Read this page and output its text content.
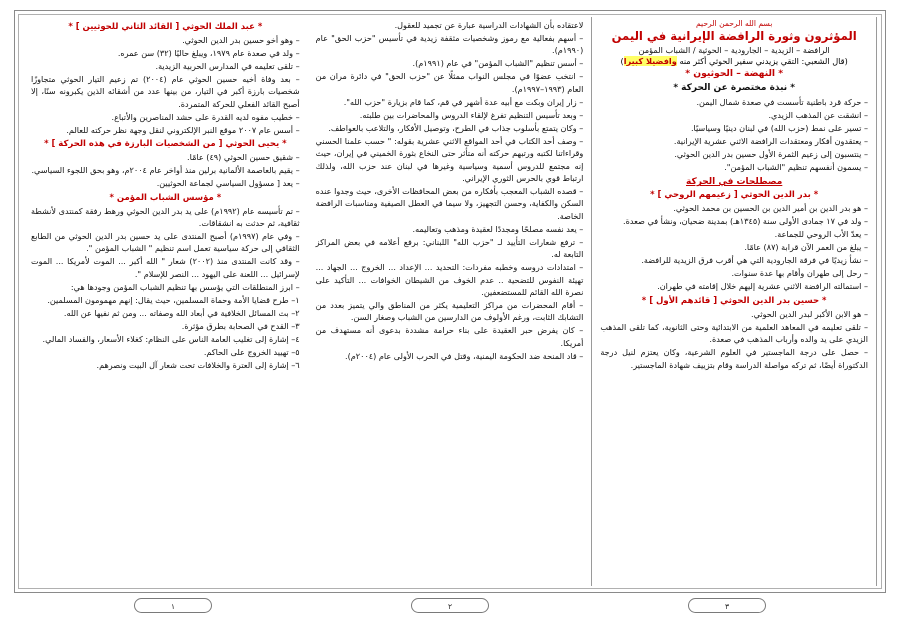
بسم الله الرحمن الرحيم
المؤثرون وثورة الرافضة الإيرانية في اليمن
الرافضة – الزيدية – الجارودية – الحوثية / الشباب المؤمن
(قال الشعبي: التقي يزيدني سفير الحوثي أكثر منه وافضيلا كبيرا)
* النهضة – الحوثيون *
* نبذة مختصرة عن الحركة *
– حركة قرد باطنية تأسست في صعدة شمال اليمن.
– انشقت عن المذهب الزيدي.
– تسير على نمط (حزب الله) في لبنان دينيًا وسياسيًا.
– يعتقدون أفكار ومعتقدات الرافضة الاثني عشرية الإيرانية.
– ينتسبون إلى زعيم الثمرة الأول حسين بدر الدين الحوثي.
– يسمون أنفسهم تنظيم "الشباب المؤمن".
مصطلحات في الحركة
* بدر الدين الحوثي [ زعيمهم الروحي ] *
– هو بدر الدين بن أمير الدين بن الحسين بن محمد الحوثي.
– ولد في ١٧ جمادى الأولى سنة (١٣٤٥هـ) بمدينة ضحيان، ونشأ في صعدة.
– يعدّ الأب الروحي للجماعة.
– يبلغ من العمر الآن قرابة (٨٧) عامًا.
– نشأ زيديًا في فرقة الجارودية التي هي أقرب فرق الزيدية للرافضة.
– رحل إلى طهران وأقام بها عدة سنوات.
– استمالته الرافضة الاثني عشرية إليهم خلال إقامته في طهران.
* حسين بدر الدين الحوثي [ قائدهم الأول ] *
– هو الابن الأكبر لبدر الدين الحوثي.
– تلقى تعليمه في المعاهد العلمية من الابتدائية وحتى الثانوية، كما تلقى المذهب الزيدي على يد والده وأرباب المذهب في صعدة.
– حصل على درجة الماجستير في العلوم الشرعية، وكان يعتزم لنيل درجة الدكتوراة أيضًا، ثم تركه مواصلة الدراسة وقام بتزييف شهادة الماجستير.
لاعتقاده بأن الشهادات الدراسية عبارة عن تجميد للعقول.
– أسهم بفعالية مع رموز وشخصيات مثقفة زيدية في تأسيس "حزب الحق" عام (١٩٩٠م).
– أسس تنظيم "الشباب المؤمن" في عام (١٩٩١م).
– انتخب عضوًا في مجلس النواب ممثلًا عن "حزب الحق" في دائرة مران من العام (١٩٩٣–١٩٩٧م).
– زار إيران وبكت مع أبيه عدة أشهر في قم، كما قام بزيارة "حزب الله".
– وبعد تأسيس التنظيم تفرغ لإلقاء الدروس والمحاضرات بين طلبته.
– وكان يتمتع بأسلوب جذاب في الطرح، وتوصيل الأفكار، والتلاعب بالعواطف.
– وصف أحد الكتاب في أحد المواقع الاثني عشرية بقوله: " حسب علمنا الحسني وقراءاتنا لكتبه ورتبهم حركته أنه متأثر حتى النخاع بثورة الخميني في إيران، حيث إنه مجتمع للدروس أسمية وسياسية وغيرها في لبنان عند حزب الله، ولذلك ارتباط قوي بالحرس الثوري الإيراني.
– قصده الشباب المعجب بأفكاره من بعض المحافظات الأخرى، حيث وجدوا عنده السكن والكفاية، وحسن التجهيز، ولا سيما في العطل الصيفية ومناسبات الرافضة الخاصة.
– يعد نفسه مصلحًا ومجددًا لعقيدة ومذهب وتعاليمه.
– ترفع شعارات التأييد لـ "حزب الله" اللبناني: برفع أعلامه في بعض المراكز التابعة له.
– امتدادات دروسه وخطبه مفردات: التحديد ... الإعداد ... الخروج ... الجهاد ... تهيئة النفوس للتضحية .. عدم الخوف من الشيطان الخوافات ... التأكيد على نصرة الله القائم للمستضعفين.
– أقام المحضرات من مراكز التعليمية يكثر من المناطق والي يتميز بعدد من التشابك الثابت، ورغم الأولوف من الدارسين من الشباب وصغار السن.
– كان يفرض حبر العقيدة على بناء حرامة مشددة بدعوى أنه مستهدف من أمريكا.
– قاد المنحة ضد الحكومة اليمنية، وقتل في الحرب الأولى عام (٢٠٠٤م).
* عبد الملك الحوثي [ القائد الثاني للحوثيين ] *
– وهو أخو حسين بدر الدين الحوثي.
– ولد في صعدة عام ١٩٧٩، ويبلغ حاليًا (٣٢) سن عمره.
– تلقى تعليمه في المدارس الحربية الزيدية.
– بعد وفاة أخيه حسين الحوثي عام (٢٠٠٤) تم زعيم التيار الحوثي متجاوزًا شخصيات بارزة أكبر في التيار، من بينها عدد من أشقائه الذين يكبرونه سنًا، إلا أصبح القائد الفعلي للحركة المتمردة.
– خطيب مفوه لديه القدرة على حشد المناصرين والأتباع.
– أسس عام ٢٠٠٧ موقع النبر الإلكتروني لنقل وجهة نظر حركته للعالم.
* يحيى الحوثي [ من الشخصيات البارزة في هذه الحركة ] *
– شقيق حسين الحوثي (٤٩) عامًا.
– يقيم بالعاصمة الألمانية برلين منذ أواخر عام ٢٠٠٤م، وهو بحق اللجوء السياسي.
– يعد [ مسؤول السياسي لجماعة الحوثيين.
* مؤسس الشباب المؤمن *
– تم تأسيسه عام (١٩٩٢م) على يد بدر الدين الحوثي ورهط رفقة كمنتدى لأنشطة ثقافية، ثم حدثت به انشقاقات.
– وفي عام (١٩٩٧م) أصبح المنتدى على يد حسين بدر الدين الحوثي من الطابع الثقافي إلى حركة سياسية تعمل اسم تنظيم " الشباب المؤمن ".
– وقد كانت المنتدى منذ (٢٠٠٢) شعار " الله أكبر ... الموت لأمريكا ... الموت لإسرائيل ... اللعنة على اليهود ... النصر للإسلام ".
– ابرز المنطلقات التي يؤسس بها تنظيم الشباب المؤمن وجودها هي:
١– طرح قضايا الأمة وحماة المسلمين، حيث يقال: إنهم مهمومون المسلمين.
٢– بث المسائل الخلافية في أبعاد الله وصفاته ... ومن ثم نفيها عن الله.
٣– القدح في الصحابة بطرق مؤثرة.
٤– إشارة إلى تغليب العامة الناس على النظام: كغلاء الأسعار، والفساد المالي.
٥– تهييد الخروج على الحاكم.
٦– إشارة إلى العترة والخلافات تحت شعار آل البيت ونصرهم.
٣
٢
١
